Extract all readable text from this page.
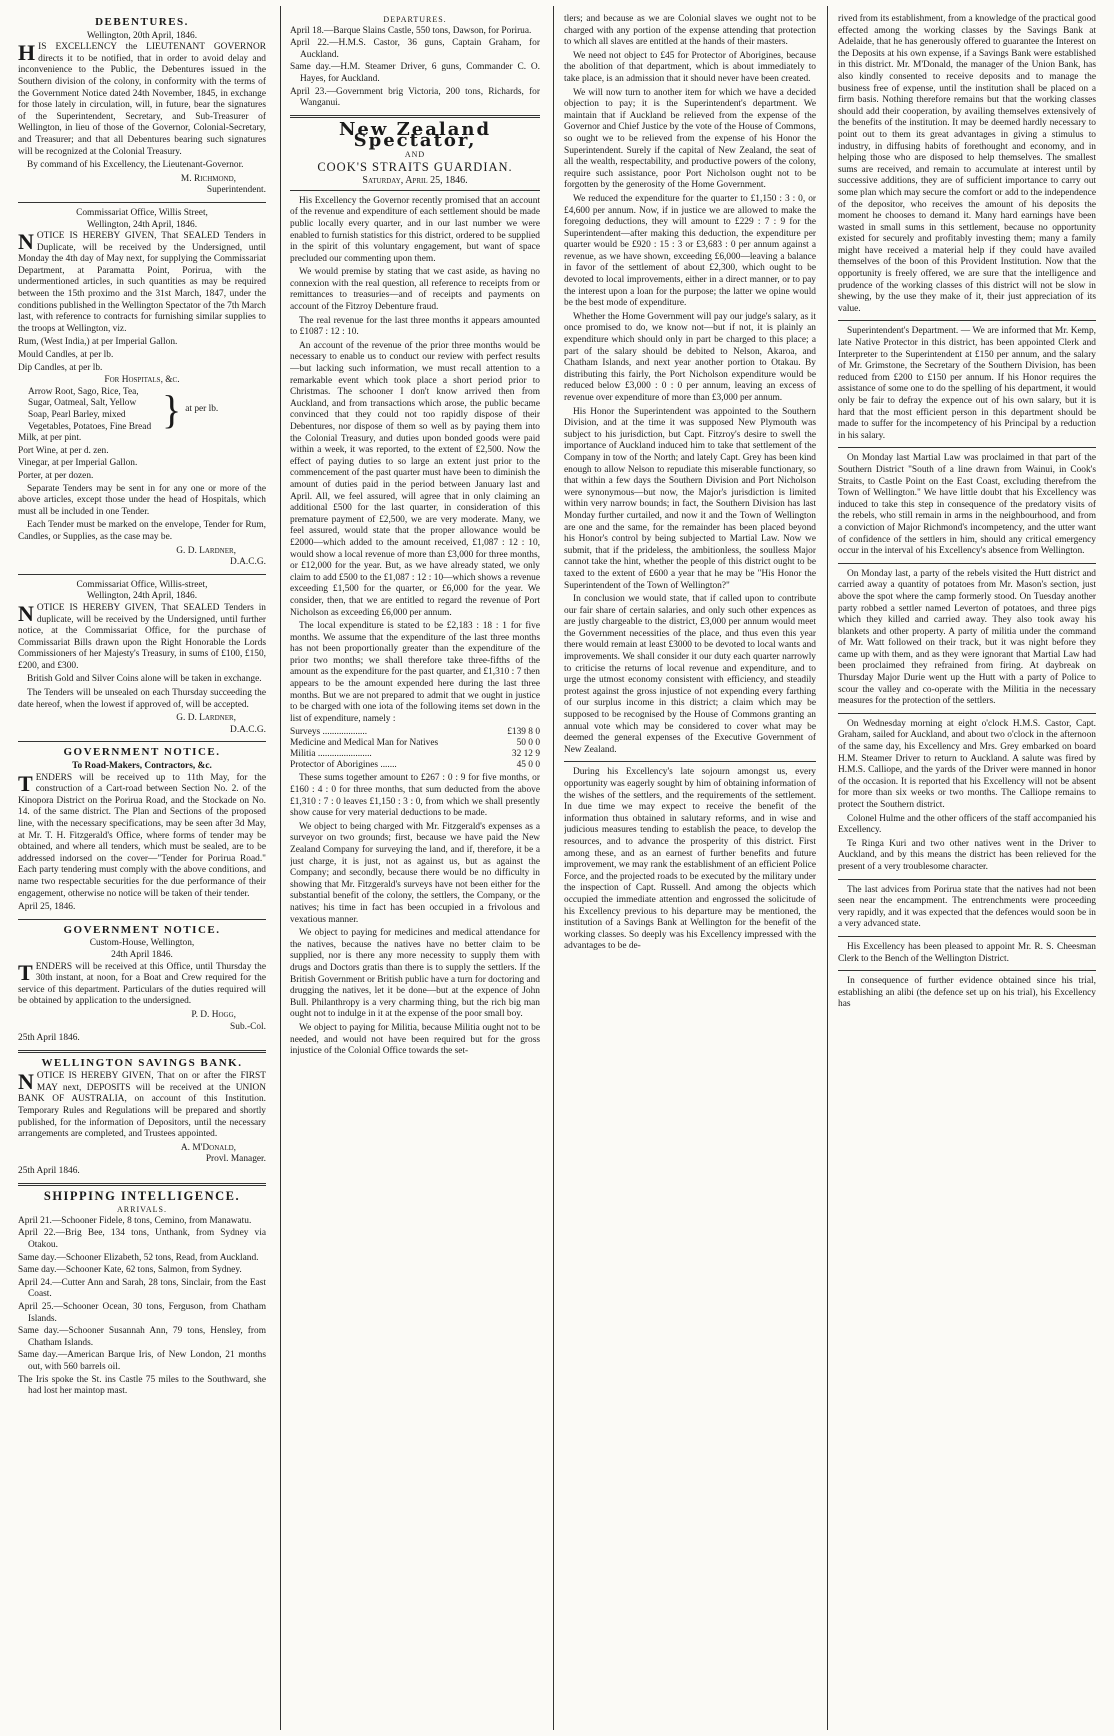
DEBENTURES.
Wellington, 20th April, 1846.

HIS EXCELLENCY the LIEUTENANT GOVERNOR directs it to be notified, that in order to avoid delay and inconvenience to the Public, the Debentures issued in the Southern division of the colony, in conformity with the terms of the Government Notice dated 24th November, 1845, in exchange for those lately in circulation, will, in future, bear the signatures of the Superintendent, Secretary, and Sub-Treasurer of Wellington, in lieu of those of the Governor, Colonial-Secretary, and Treasurer; and that all Debentures bearing such signatures will be recognized at the Colonial Treasury.

By command of his Excellency, the Lieutenant-Governor.

M. Richmond,
Superintendent.
Commissariat Office, Willis Street,
Wellington, 24th April, 1846.

NOTICE IS HEREBY GIVEN, That SEALED Tenders in Duplicate, will be received by the Undersigned, until Monday the 4th day of May next, for supplying the Commissariat Department, at Paramatta Point, Porirua, with the undermentioned articles, in such quantities as may be required between the 15th proximo and the 31st March, 1847, under the conditions published in the Wellington Spectator of the 7th March last, with reference to contracts for furnishing similar supplies to the troops at Wellington, viz.

Rum, (West India,) at per Imperial Gallon.
Mould Candles, at per lb.
Dip Candles, at per lb.
For Hospitals, &c.
Arrow Root, Sago, Rice, Tea, Sugar, Oatmeal, Salt, Yellow Soap, Pearl Barley, mixed Vegetables, Potatoes, Fine Bread } at per lb.
Milk, at per pint.
Port Wine, at per d. zen.
Vinegar, at per Imperial Gallon.
Porter, at per dozen.

Separate Tenders may be sent in for any one or more of the above articles, except those under the head of Hospitals, which must all be included in one Tender.

Each Tender must be marked on the envelope, Tender for Rum, Candles, or Supplies, as the case may be.

G. D. Lardner,
D.A.C.G.
Commissariat Office, Willis-street,
Wellington, 24th April, 1846.

NOTICE IS HEREBY GIVEN, That SEALED Tenders in duplicate, will be received by the Undersigned, until further notice, at the Commissariat Office, for the purchase of Commissariat Bills drawn upon the Right Honorable the Lords Commissioners of her Majesty's Treasury, in sums of £100, £150, £200, and £300.

British Gold and Silver Coins alone will be taken in exchange.

The Tenders will be unsealed on each Thursday succeeding the date hereof, when the lowest if approved of, will be accepted.

G. D. Lardner,
D.A.C.G.
GOVERNMENT NOTICE.
To Road-Makers, Contractors, &c.

TENDERS will be received up to 11th May, for the construction of a Cart-road between Section No. 2. of the Kinopora District on the Porirua Road, and the Stockade on No. 14. of the same district. The Plan and Sections of the proposed line, with the necessary specifications, may be seen after 3d May, at Mr. T. H. Fitzgerald's Office, where forms of tender may be obtained, and where all tenders, which must be sealed, are to be addressed indorsed on the cover—"Tender for Porirua Road." Each party tendering must comply with the above conditions, and name two respectable securities for the due performance of their engagement, otherwise no notice will be taken of their tender.

April 25, 1846.
GOVERNMENT NOTICE.
Custom-House, Wellington,
24th April 1846.

TENDERS will be received at this Office, until Thursday the 30th instant, at noon, for a Boat and Crew required for the service of this department. Particulars of the duties required will be obtained by application to the undersigned.

P. D. Hogg,
Sub.-Col.
25th April 1846.
WELLINGTON SAVINGS BANK.

NOTICE IS HEREBY GIVEN, That on or after the FIRST MAY next, DEPOSITS will be received at the UNION BANK OF AUSTRALIA, on account of this Institution. Temporary Rules and Regulations will be prepared and shortly published, for the information of Depositors, until the necessary arrangements are completed, and Trustees appointed.

A. M'Donald,
Provl. Manager.
25th April 1846.
SHIPPING INTELLIGENCE.
ARRIVALS.
April 21.—Schooner Fidele, 8 tons, Cemino, from Manawatu.
April 22.—Brig Bee, 134 tons, Unthank, from Sydney via Otakou.
Same day.—Schooner Elizabeth, 52 tons, Read, from Auckland.
Same day.—Schooner Kate, 62 tons, Salmon, from Sydney.
April 24.—Cutter Ann and Sarah, 28 tons, Sinclair, from the East Coast.
April 25.—Schooner Ocean, 30 tons, Ferguson, from Chatham Islands.
Same day.—Schooner Susannah Ann, 79 tons, Hensley, from Chatham Islands.
Same day.—American Barque Iris, of New London, 21 months out, with 560 barrels oil.
The Iris spoke the St. ins Castle 75 miles to the Southward, she had lost her maintop mast.
DEPARTURES.
April 18.—Barque Slains Castle, 550 tons, Dawson, for Porirua.
April 22.—H.M.S. Castor, 36 guns, Captain Graham, for Auckland.
Same day.—H.M. Steamer Driver, 6 guns, Commander C. O. Hayes, for Auckland.
April 23.—Government brig Victoria, 200 tons, Richards, for Wanganui.
New Zealand Spectator,
AND
COOK'S STRAITS GUARDIAN.
Saturday, April 25, 1846.

His Excellency the Governor recently promised that an account of the revenue and expenditure of each settlement should be made public locally every quarter, and in our last number we were enabled to furnish statistics for this district, ordered to be supplied in the spirit of this voluntary engagement, but want of space precluded our commenting upon them.

We would premise by stating that we cast aside, as having no connexion with the real question, all reference to receipts from or remittances to treasuries—and of receipts and payments on account of the Fitzroy Debenture fraud.

The real revenue for the last three months it appears amounted to £1087 : 12 : 10.

An account of the revenue of the prior three months would be necessary to enable us to conduct our review with perfect results—but lacking such information, we must recall attention to a remarkable event which took place a short period prior to Christmas. The schooner I don't know arrived then from Auckland, and from transactions which arose, the public became convinced that they could not too rapidly dispose of their Debentures, nor dispose of them so well as by paying them into the Colonial Treasury, and duties upon bonded goods were paid within a week, it was reported, to the extent of £2,500. Now the effect of paying duties to so large an extent just prior to the commencement of the past quarter must have been to diminish the amount of duties paid in the period between January last and April. All, we feel assured, will agree that in only claiming an additional £500 for the last quarter, in consideration of this premature payment of £2,500, we are very moderate. Many, we feel assured, would state that the proper allowance would be £2000—which added to the amount received, £1,087 : 12 : 10, would show a local revenue of more than £3,000 for three months, or £12,000 for the year. But, as we have already stated, we only claim to add £500 to the £1,087 : 12 : 10—which shows a revenue exceeding £1,500 for the quarter, or £6,000 for the year. We consider, then, that we are entitled to regard the revenue of Port Nicholson as exceeding £6,000 per annum.

The local expenditure is stated to be £2,183 : 18 : 1 for five months. We assume that the expenditure of the last three months has not been proportionally greater than the expenditure of the prior two months; we shall therefore take three-fifths of the amount as the expenditure for the past quarter, and £1,310 : 7 then appears to be the amount expended here during the last three months. But we are not prepared to admit that we ought in justice to be charged with one iota of the following items set down in the list of expenditure, namely :

Surveys ...................	£139 8 0
Medicine and Medical Man for Natives	50 0 0
Militia .......................	32 12 9
Protector of Aborigines .......	45 0 0

These sums together amount to £267 : 0 : 9 for five months, or £160 : 4 : 0 for three months, that sum deducted from the above £1,310 : 7 : 0 leaves £1,150 : 3 : 0, from which we shall presently show cause for very material deductions to be made.

We object to being charged with Mr. Fitzgerald's expenses as a surveyor on two grounds; first, because we have paid the New Zealand Company for surveying the land, and if, therefore, it be a just charge, it is just, not as against us, but as against the Company; and secondly, because there would be no difficulty in showing that Mr. Fitzgerald's surveys have not been either for the substantial benefit of the colony, the settlers, the Company, or the natives; his time in fact has been occupied in a frivolous and vexatious manner.

We object to paying for medicines and medical attendance for the natives, because the natives have no better claim to be supplied, nor is there any more necessity to supply them with drugs and Doctors gratis than there is to supply the settlers. If the British Government or British public have a turn for doctoring and drugging the natives, let it be done—but at the expence of John Bull. Philanthropy is a very charming thing, but the rich big man ought not to indulge in it at the expense of the poor small boy.

We object to paying for Militia, because Militia ought not to be needed, and would not have been required but for the gross injustice of the Colonial Office towards the set-

tlers; and because as we are Colonial slaves we ought not to be charged with any portion of the expense attending that protection to which all slaves are entitled at the hands of their masters.

We need not object to £45 for Protector of Aborigines, because the abolition of that department, which is about immediately to take place, is an admission that it should never have been created.

We will now turn to another item for which we have a decided objection to pay; it is the Superintendent's department. We maintain that if Auckland be relieved from the expense of the Governor and Chief Justice by the vote of the House of Commons, so ought we to be relieved from the expense of his Honor the Superintendent. Surely if the capital of New Zealand, the seat of all the wealth, respectability, and productive powers of the colony, require such assistance, poor Port Nicholson ought not to be forgotten by the generosity of the Home Government.

We reduced the expenditure for the quarter to £1,150 : 3 : 0, or £4,600 per annum. Now, if in justice we are allowed to make the foregoing deductions, they will amount to £229 : 7 : 9 for the Superintendent—after making this deduction, the expenditure per quarter would be £920 : 15 : 3 or £3,683 : 0 per annum against a revenue, as we have shown, exceeding £6,000—leaving a balance in favor of the settlement of about £2,300, which ought to be devoted to local improvements, either in a direct manner, or to pay the interest upon a loan for the purpose; the latter we opine would be the best mode of expenditure.

Whether the Home Government will pay our judge's salary, as it once promised to do, we know not—but if not, it is plainly an expenditure which should only in part be charged to this place; a part of the salary should be debited to Nelson, Akaroa, and Chatham Islands, and next year another portion to Otakau. By distributing this fairly, the Port Nicholson expenditure would be reduced below £3,000 : 0 : 0 per annum, leaving an excess of revenue over expenditure of more than £3,000 per annum.

His Honor the Superintendent was appointed to the Southern Division, and at the time it was supposed New Plymouth was subject to his jurisdiction, but Capt. Fitzroy's desire to swell the importance of Auckland induced him to take that settlement of the Company in tow of the North; and lately Capt. Grey has been kind enough to allow Nelson to repudiate this miserable functionary, so that within a few days the Southern Division and Port Nicholson were synonymous—but now, the Major's jurisdiction is limited within very narrow bounds; in fact, the Southern Division has last Monday further curtailed, and now it and the Town of Wellington are one and the same, for the remainder has been placed beyond his Honor's control by being subjected to Martial Law. Now we submit, that if the prideless, the ambitionless, the soulless Major cannot take the hint, whether the people of this district ought to be taxed to the extent of £600 a year that he may be "His Honor the Superintendent of the Town of Wellington?"

In conclusion we would state, that if called upon to contribute our fair share of certain salaries, and only such other expences as are justly chargeable to the district, £3,000 per annum would meet the Government necessities of the place, and thus even this year there would remain at least £3000 to be devoted to local wants and improvements. We shall consider it our duty each quarter narrowly to criticise the returns of local revenue and expenditure, and to urge the utmost economy consistent with efficiency, and steadily protest against the gross injustice of not expending every farthing of our surplus income in this district; a claim which may be supposed to be recognised by the House of Commons granting an annual vote which may be considered to cover what may be deemed the general expenses of the Executive Government of New Zealand.

During his Excellency's late sojourn amongst us, every opportunity was eagerly sought by him of obtaining information of the wishes of the settlers, and the requirements of the settlement. In due time we may expect to receive the benefit of the information thus obtained in salutary reforms, and in wise and judicious measures tending to establish the peace, to develop the resources, and to advance the prosperity of this district. First among these, and as an earnest of further benefits and future improvement, we may rank the establishment of an efficient Police Force, and the projected roads to be executed by the military under the inspection of Capt. Russell. And among the objects which occupied the immediate attention and engrossed the solicitude of his Excellency previous to his departure may be mentioned, the institution of a Savings Bank at Wellington for the benefit of the working classes. So deeply was his Excellency impressed with the advantages to be de-

rived from its establishment, from a knowledge of the practical good effected among the working classes by the Savings Bank at Adelaide, that he has generously offered to guarantee the Interest on the Deposits at his own expense, if a Savings Bank were established in this district. Mr. M'Donald, the manager of the Union Bank, has also kindly consented to receive deposits and to manage the business free of expense, until the institution shall be placed on a firm basis. Nothing therefore remains but that the working classes should add their cooperation, by availing themselves extensively of the benefits of the institution. It may be deemed hardly necessary to point out to them its great advantages in giving a stimulus to industry, in diffusing habits of forethought and economy, and in helping those who are disposed to help themselves. The smallest sums are received, and remain to accumulate at interest until by successive additions, they are of sufficient importance to carry out some plan which may secure the comfort or add to the independence of the depositor, who receives the amount of his deposits the moment he chooses to demand it. Many hard earnings have been wasted in small sums in this settlement, because no opportunity existed for securely and profitably investing them; many a family might have received a material help if they could have availed themselves of the boon of this Provident Institution. Now that the opportunity is freely offered, we are sure that the intelligence and prudence of the working classes of this district will not be slow in shewing, by the use they make of it, their just appreciation of its value.

Superintendent's Department. — We are informed that Mr. Kemp, late Native Protector in this district, has been appointed Clerk and Interpreter to the Superintendent at £150 per annum, and the salary of Mr. Grimstone, the Secretary of the Southern Division, has been reduced from £200 to £150 per annum. If his Honor requires the assistance of some one to do the spelling of his department, it would only be fair to defray the expence out of his own salary, but it is hard that the most efficient person in this department should be made to suffer for the incompetency of his Principal by a reduction in his salary.

On Monday last Martial Law was proclaimed in that part of the Southern District "South of a line drawn from Wainui, in Cook's Straits, to Castle Point on the East Coast, excluding therefrom the Town of Wellington." We have little doubt that his Excellency was induced to take this step in consequence of the predatory visits of the rebels, who still remain in arms in the neighbourhood, and from a conviction of Major Richmond's incompetency, and the utter want of confidence of the settlers in him, should any critical emergency occur in the interval of his Excellency's absence from Wellington.

On Monday last, a party of the rebels visited the Hutt district and carried away a quantity of potatoes from Mr. Mason's section, just above the spot where the camp formerly stood. On Tuesday another party robbed a settler named Leverton of potatoes, and three pigs which they killed and carried away. They also took away his blankets and other property. A party of militia under the command of Mr. Watt followed on their track, but it was night before they came up with them, and as they were ignorant that Martial Law had been proclaimed they refrained from firing. At daybreak on Thursday Major Durie went up the Hutt with a party of Police to scour the valley and co-operate with the Militia in the necessary measures for the protection of the settlers.

On Wednesday morning at eight o'clock H.M.S. Castor, Capt. Graham, sailed for Auckland, and about two o'clock in the afternoon of the same day, his Excellency and Mrs. Grey embarked on board H.M. Steamer Driver to return to Auckland. A salute was fired by H.M.S. Calliope, and the yards of the Driver were manned in honor of the occasion. It is reported that his Excellency will not be absent for more than six weeks or two months. The Calliope remains to protect the Southern district.

Colonel Hulme and the other officers of the staff accompanied his Excellency.

Te Ringa Kuri and two other natives went in the Driver to Auckland, and by this means the district has been relieved for the present of a very troublesome character.

The last advices from Porirua state that the natives had not been seen near the encampment. The entrenchments were proceeding very rapidly, and it was expected that the defences would soon be in a very advanced state.

His Excellency has been pleased to appoint Mr. R. S. Cheesman Clerk to the Bench of the Wellington District.

In consequence of further evidence obtained since his trial, establishing an alibi (the defence set up on his trial), his Excellency has
